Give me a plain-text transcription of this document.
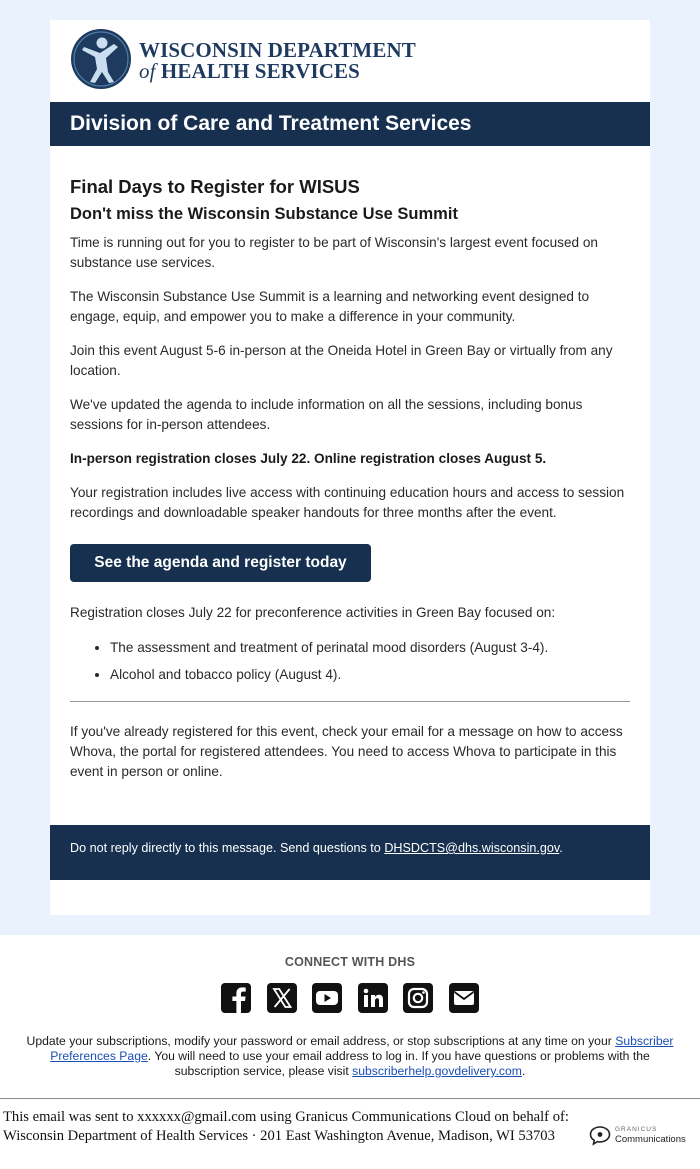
WISCONSIN DEPARTMENT
of HEALTH SERVICES
Division of Care and Treatment Services
Final Days to Register for WISUS
Don't miss the Wisconsin Substance Use Summit

Time is running out for you to register to be part of Wisconsin's largest event focused on substance use services.

The Wisconsin Substance Use Summit is a learning and networking event designed to engage, equip, and empower you to make a difference in your community.

Join this event August 5-6 in-person at the Oneida Hotel in Green Bay or virtually from any location.

We've updated the agenda to include information on all the sessions, including bonus sessions for in-person attendees.

In-person registration closes July 22. Online registration closes August 5.

Your registration includes live access with continuing education hours and access to session recordings and downloadable speaker handouts for three months after the event.

See the agenda and register today

Registration closes July 22 for preconference activities in Green Bay focused on:

• The assessment and treatment of perinatal mood disorders (August 3-4).
• Alcohol and tobacco policy (August 4).

If you've already registered for this event, check your email for a message on how to access Whova, the portal for registered attendees. You need to access Whova to participate in this event in person or online.

Do not reply directly to this message. Send questions to DHSDCTS@dhs.wisconsin.gov.
CONNECT WITH DHS

Update your subscriptions, modify your password or email address, or stop subscriptions at any time on your Subscriber Preferences Page. You will need to use your email address to log in. If you have questions or problems with the subscription service, please visit subscriberhelp.govdelivery.com.
This email was sent to xxxxxx@gmail.com using Granicus Communications Cloud on behalf of: Wisconsin Department of Health Services · 201 East Washington Avenue, Madison, WI 53703	GRANICUS
Communications
